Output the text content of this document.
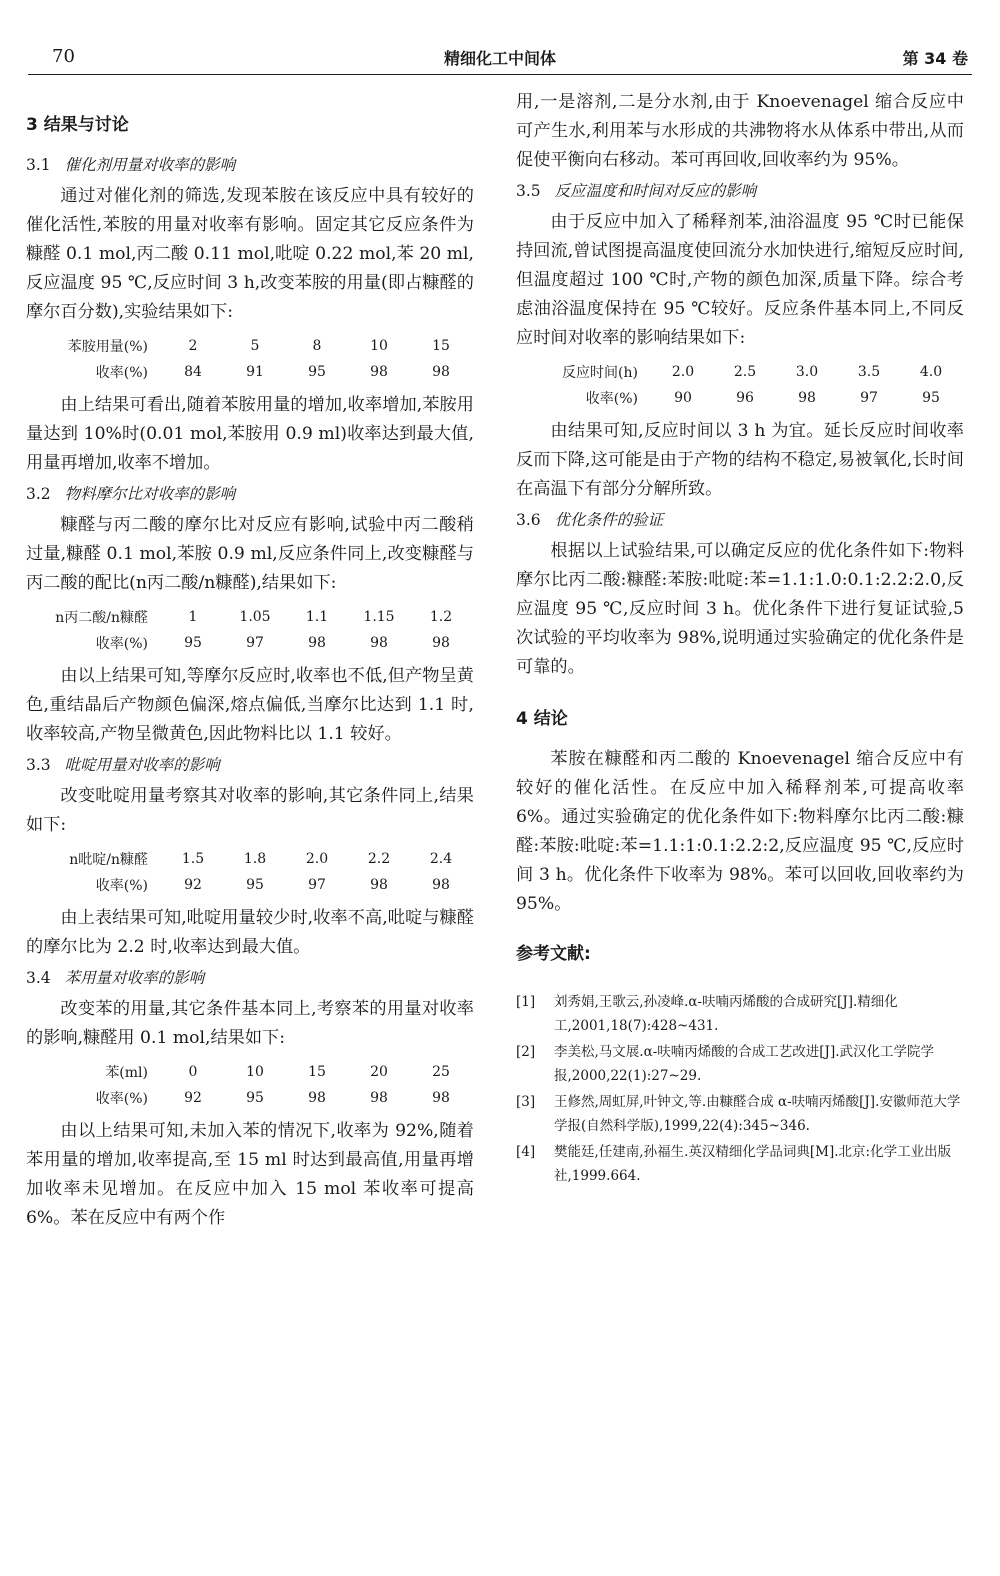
70	精细化工中间体	第 34 卷
3 结果与讨论
3.1 催化剂用量对收率的影响

通过对催化剂的筛选,发现苯胺在该反应中具有较好的催化活性,苯胺的用量对收率有影响。固定其它反应条件为糠醛 0.1 mol,丙二酸 0.11 mol,吡啶 0.22 mol,苯 20 ml,反应温度 95 ℃,反应时间 3 h,改变苯胺的用量(即占糠醛的摩尔百分数),实验结果如下:

苯胺用量(%)	2	5	8	10	15
收率(%)	84	91	95	98	98

由上结果可看出,随着苯胺用量的增加,收率增加,苯胺用量达到 10%时(0.01 mol,苯胺用 0.9 ml)收率达到最大值,用量再增加,收率不增加。

3.2 物料摩尔比对收率的影响

糠醛与丙二酸的摩尔比对反应有影响,试验中丙二酸稍过量,糠醛 0.1 mol,苯胺 0.9 ml,反应条件同上,改变糠醛与丙二酸的配比(n丙二酸/n糠醛),结果如下:

n丙二酸/n糠醛	1	1.05	1.1	1.15	1.2
收率(%)	95	97	98	98	98

由以上结果可知,等摩尔反应时,收率也不低,但产物呈黄色,重结晶后产物颜色偏深,熔点偏低,当摩尔比达到 1.1 时,收率较高,产物呈微黄色,因此物料比以 1.1 较好。

3.3 吡啶用量对收率的影响

改变吡啶用量考察其对收率的影响,其它条件同上,结果如下:

n吡啶/n糠醛	1.5	1.8	2.0	2.2	2.4
收率(%)	92	95	97	98	98

由上表结果可知,吡啶用量较少时,收率不高,吡啶与糠醛的摩尔比为 2.2 时,收率达到最大值。

3.4 苯用量对收率的影响

改变苯的用量,其它条件基本同上,考察苯的用量对收率的影响,糠醛用 0.1 mol,结果如下:

苯(ml)	0	10	15	20	25
收率(%)	92	95	98	98	98

由以上结果可知,未加入苯的情况下,收率为 92%,随着苯用量的增加,收率提高,至 15 ml 时达到最高值,用量再增加收率未见增加。在反应中加入 15 mol 苯收率可提高 6%。苯在反应中有两个作

用,一是溶剂,二是分水剂,由于 Knoevenagel 缩合反应中可产生水,利用苯与水形成的共沸物将水从体系中带出,从而促使平衡向右移动。苯可再回收,回收率约为 95%。

3.5 反应温度和时间对反应的影响

由于反应中加入了稀释剂苯,油浴温度 95 ℃时已能保持回流,曾试图提高温度使回流分水加快进行,缩短反应时间,但温度超过 100 ℃时,产物的颜色加深,质量下降。综合考虑油浴温度保持在 95 ℃较好。反应条件基本同上,不同反应时间对收率的影响结果如下:

反应时间(h)	2.0	2.5	3.0	3.5	4.0
收率(%)	90	96	98	97	95

由结果可知,反应时间以 3 h 为宜。延长反应时间收率反而下降,这可能是由于产物的结构不稳定,易被氧化,长时间在高温下有部分分解所致。

3.6 优化条件的验证

根据以上试验结果,可以确定反应的优化条件如下:物料摩尔比丙二酸:糠醛:苯胺:吡啶:苯=1.1:1.0:0.1:2.2:2.0,反应温度 95 ℃,反应时间 3 h。优化条件下进行复证试验,5 次试验的平均收率为 98%,说明通过实验确定的优化条件是可靠的。

4 结论

苯胺在糠醛和丙二酸的 Knoevenagel 缩合反应中有较好的催化活性。在反应中加入稀释剂苯,可提高收率 6%。通过实验确定的优化条件如下:物料摩尔比丙二酸:糠醛:苯胺:吡啶:苯=1.1:1:0.1:2.2:2,反应温度 95 ℃,反应时间 3 h。优化条件下收率为 98%。苯可以回收,回收率约为 95%。

参考文献:
[1] 刘秀娟,王歌云,孙凌峰.α-呋喃丙烯酸的合成研究[J].精细化工,2001,18(7):428~431.
[2] 李美松,马文展.α-呋喃丙烯酸的合成工艺改进[J].武汉化工学院学报,2000,22(1):27~29.
[3] 王修然,周虹屏,叶钟文,等.由糠醛合成 α-呋喃丙烯酸[J].安徽师范大学学报(自然科学版),1999,22(4):345~346.
[4] 樊能廷,任建南,孙福生.英汉精细化学品词典[M].北京:化学工业出版社,1999.664.
